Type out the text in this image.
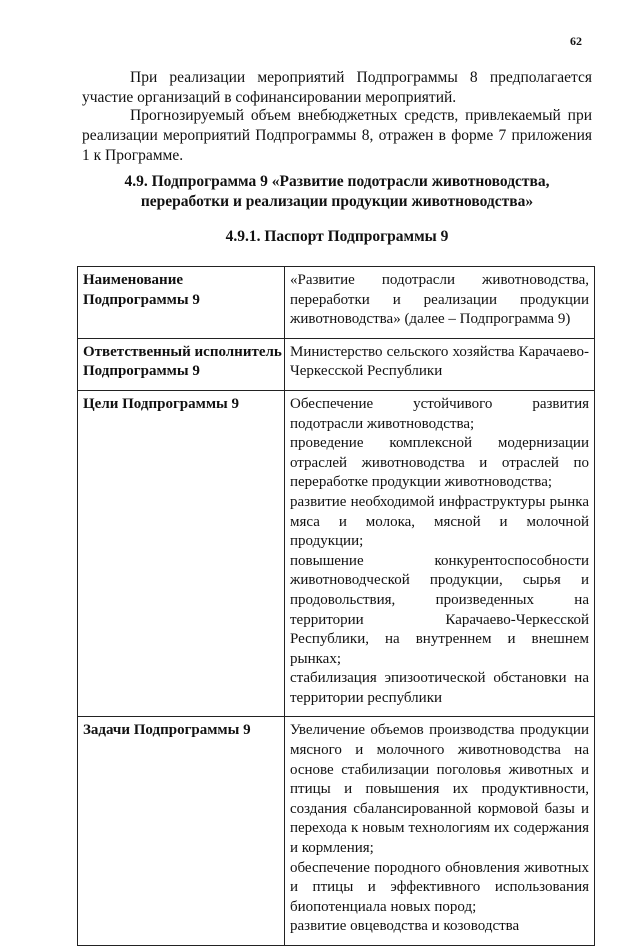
62

При реализации мероприятий Подпрограммы 8 предполагается участие организаций в софинансировании мероприятий.

Прогнозируемый объем внебюджетных средств, привлекаемый при реализации мероприятий Подпрограммы 8, отражен в форме 7 приложения 1 к Программе.

4.9. Подпрограмма 9 «Развитие подотрасли животноводства,
переработки и реализации продукции животноводства»
4.9.1. Паспорт Подпрограммы 9
Наименование
Подпрограммы 9	«Развитие подотрасли животноводства, переработки и реализации продукции животноводства» (далее – Подпрограмма 9)

Ответственный исполнитель
Подпрограммы 9	Министерство сельского хозяйства Карачаево-Черкесской Республики

Цели Подпрограммы 9	Обеспечение устойчивого развития подотрасли животноводства;
проведение комплексной модернизации отраслей животноводства и отраслей по переработке продукции животноводства;
развитие необходимой инфраструктуры рынка мяса и молока, мясной и молочной продукции;
повышение конкурентоспособности животноводческой продукции, сырья и продовольствия, произведенных на территории Карачаево-Черкесской Республики, на внутреннем и внешнем рынках;
стабилизация эпизоотической обстановки на территории республики

Задачи Подпрограммы 9	Увеличение объемов производства продукции мясного и молочного животноводства на основе стабилизации поголовья животных и птицы и повышения их продуктивности, создания сбалансированной кормовой базы и перехода к новым технологиям их содержания и кормления;
обеспечение породного обновления животных и птицы и эффективного использования биопотенциала новых пород;
развитие овцеводства и козоводства
